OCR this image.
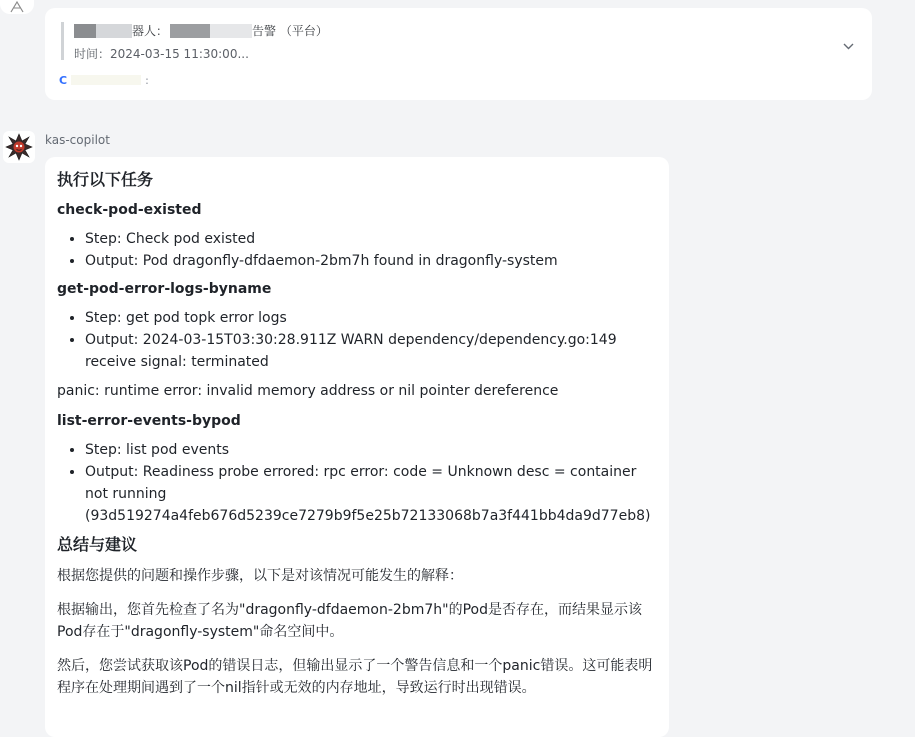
器人：	告警 （平台）
时间：2024-03-15 11:30:00...
C	:
kas-copilot
执行以下任务
check-pod-existed
• Step: Check pod existed
• Output: Pod dragonfly-dfdaemon-2bm7h found in dragonfly-system
get-pod-error-logs-byname
• Step: get pod topk error logs
• Output: 2024-03-15T03:30:28.911Z WARN dependency/dependency.go:149 receive signal: terminated

panic: runtime error: invalid memory address or nil pointer dereference

list-error-events-bypod
• Step: list pod events
• Output: Readiness probe errored: rpc error: code = Unknown desc = container not running (93d519274a4feb676d5239ce7279b9f5e25b72133068b7a3f441bb4da9d77eb8)
总结与建议

根据您提供的问题和操作步骤，以下是对该情况可能发生的解释：

根据输出，您首先检查了名为"dragonfly-dfdaemon-2bm7h"的Pod是否存在，而结果显示该Pod存在于"dragonfly-system"命名空间中。

然后，您尝试获取该Pod的错误日志，但输出显示了一个警告信息和一个panic错误。这可能表明程序在处理期间遇到了一个nil指针或无效的内存地址，导致运行时出现错误。
